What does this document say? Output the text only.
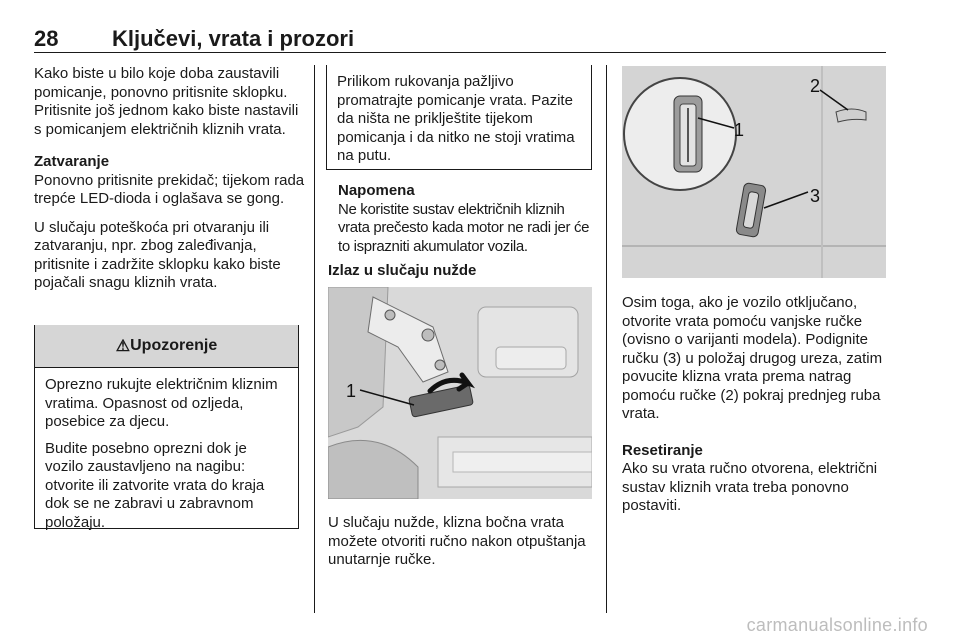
28 Ključevi, vrata i prozori

Kako biste u bilo koje doba zaustavili pomicanje, ponovno pritisnite sklopku. Pritisnite još jednom kako biste nastavili s pomicanjem električnih kliznih vrata.

Zatvaranje

Ponovno pritisnite prekidač; tijekom rada trepće LED-dioda i oglašava se gong.

U slučaju poteškoća pri otvaranju ili zatvaranju, npr. zbog zaleđivanja, pritisnite i zadržite sklopku kako biste pojačali snagu kliznih vrata.

⚠ Upozorenje

Oprezno rukujte električnim kliznim vratima. Opasnost od ozljeda, posebice za djecu.

Budite posebno oprezni dok je vozilo zaustavljeno na nagibu: otvorite ili zatvorite vrata do kraja dok se ne zabravi u zabravnom položaju.

Prilikom rukovanja pažljivo promatrajte pomicanje vrata. Pazite da ništa ne priklještite tijekom pomicanja i da nitko ne stoji vratima na putu.

Napomena

Ne koristite sustav električnih kliznih vrata prečesto kada motor ne radi jer će to isprazniti akumulator vozila.

Izlaz u slučaju nužde

1

U slučaju nužde, klizna bočna vrata možete otvoriti ručno nakon otpuštanja unutarnje ručke.

1
2
3

Osim toga, ako je vozilo otključano, otvorite vrata pomoću vanjske ručke (ovisno o varijanti modela). Podignite ručku (3) u položaj drugog ureza, zatim povucite klizna vrata prema natrag pomoću ručke (2) pokraj prednjeg ruba vrata.

Resetiranje

Ako su vrata ručno otvorena, električni sustav kliznih vrata treba ponovno postaviti.

carmanualsonline.info
